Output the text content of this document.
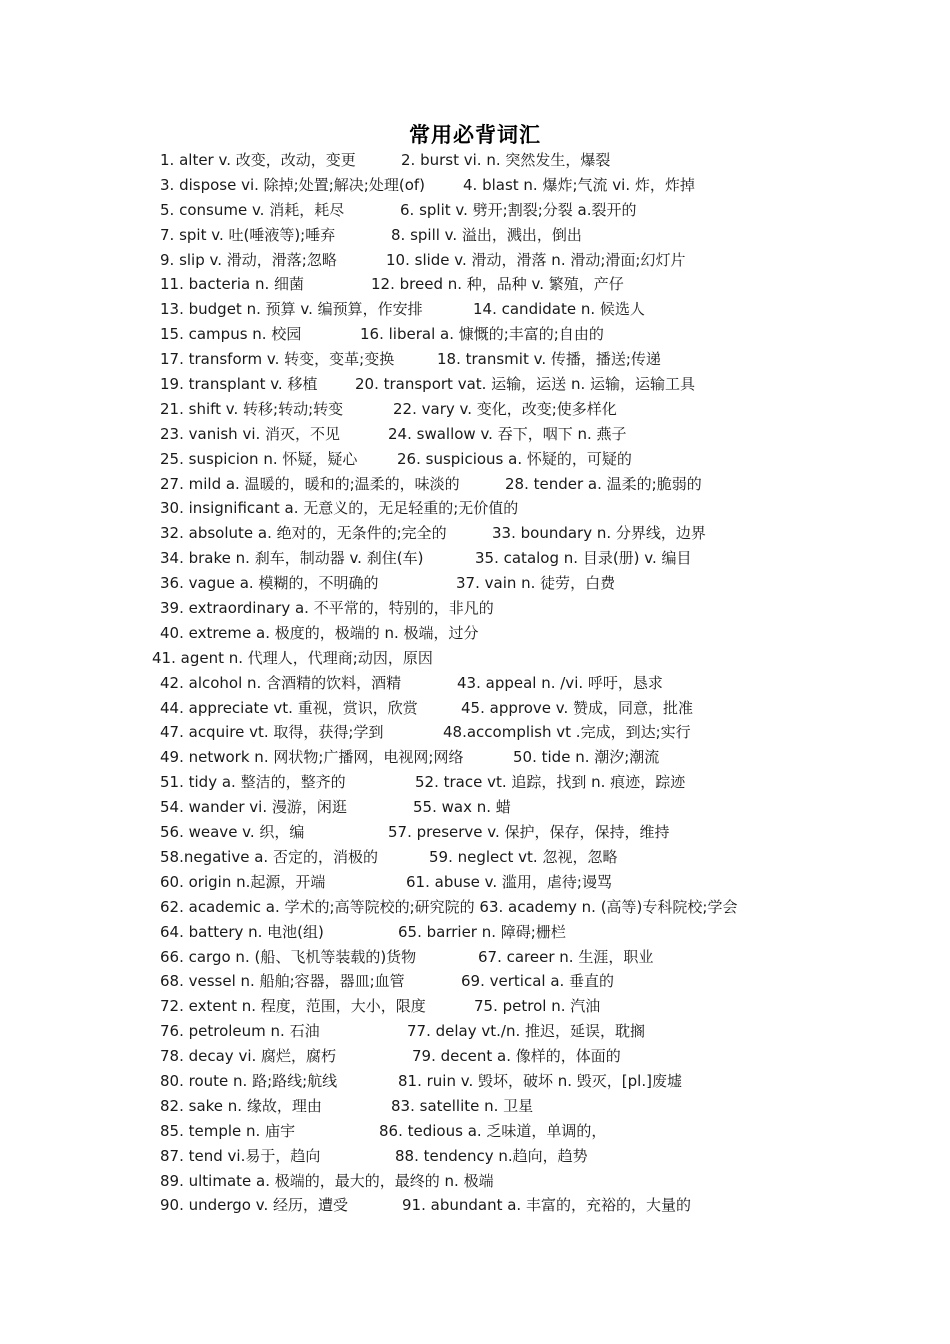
常用必背词汇
1. alter v. 改变，改动，变更	2. burst vi. n. 突然发生，爆裂
3. dispose vi. 除掉;处置;解决;处理(of)	4. blast n. 爆炸;气流 vi. 炸，炸掉
5. consume v. 消耗，耗尽	6. split v. 劈开;割裂;分裂 a.裂开的
7. spit v. 吐(唾液等);唾弃	8. spill v. 溢出，溅出，倒出
9. slip v. 滑动，滑落;忽略	10. slide v. 滑动，滑落 n. 滑动;滑面;幻灯片
11. bacteria n. 细菌	12. breed n. 种，品种 v. 繁殖，产仔
13. budget n. 预算 v. 编预算，作安排	14. candidate n. 候选人
15. campus n. 校园	16. liberal a. 慷慨的;丰富的;自由的
17. transform v. 转变，变革;变换	18. transmit v. 传播，播送;传递
19. transplant v. 移植	20. transport vat. 运输，运送 n. 运输，运输工具
21. shift v. 转移;转动;转变	22. vary v. 变化，改变;使多样化
23. vanish vi. 消灭，不见	24. swallow v. 吞下，咽下 n. 燕子
25. suspicion n. 怀疑，疑心	26. suspicious a. 怀疑的，可疑的
27. mild a. 温暖的，暖和的;温柔的，味淡的	28. tender a. 温柔的;脆弱的
30. insignificant a. 无意义的，无足轻重的;无价值的
32. absolute a. 绝对的，无条件的;完全的	33. boundary n. 分界线，边界
34. brake n. 刹车，制动器 v. 刹住(车)	35. catalog n. 目录(册) v. 编目
36. vague a. 模糊的，不明确的	37. vain n. 徒劳，白费
39. extraordinary a. 不平常的，特别的，非凡的
40. extreme a. 极度的，极端的 n. 极端，过分
41. agent n. 代理人，代理商;动因，原因
42. alcohol n. 含酒精的饮料，酒精	43. appeal n. /vi. 呼吁，恳求
44. appreciate vt. 重视，赏识，欣赏	45. approve v. 赞成，同意，批准
47. acquire vt. 取得，获得;学到	48.accomplish vt .完成，到达;实行
49. network n. 网状物;广播网，电视网;网络	50. tide n. 潮汐;潮流
51. tidy a. 整洁的，整齐的	52. trace vt. 追踪，找到 n. 痕迹，踪迹
54. wander vi. 漫游，闲逛	55. wax n. 蜡
56. weave v. 织，编	57. preserve v. 保护，保存，保持，维持
58.negative a. 否定的，消极的	59. neglect vt. 忽视，忽略
60. origin n.起源，开端	61. abuse v. 滥用，虐待;谩骂
62. academic a. 学术的;高等院校的;研究院的 63. academy n. (高等)专科院校;学会
64. battery n. 电池(组)	65. barrier n. 障碍;栅栏
66. cargo n. (船、飞机等装载的)货物	67. career n. 生涯，职业
68. vessel n. 船舶;容器，器皿;血管	69. vertical a. 垂直的
72. extent n. 程度，范围，大小，限度	75. petrol n. 汽油
76. petroleum n. 石油	77. delay vt./n. 推迟，延误，耽搁
78. decay vi. 腐烂，腐朽	79. decent a. 像样的，体面的
80. route n. 路;路线;航线	81. ruin v. 毁坏，破坏 n. 毁灭，[pl.]废墟
82. sake n. 缘故，理由	83. satellite n. 卫星
85. temple n. 庙宇	86. tedious a. 乏味道，单调的，
87. tend vi.易于，趋向	88. tendency n.趋向，趋势
89. ultimate a. 极端的，最大的，最终的 n. 极端
90. undergo v. 经历，遭受	91. abundant a. 丰富的，充裕的，大量的
